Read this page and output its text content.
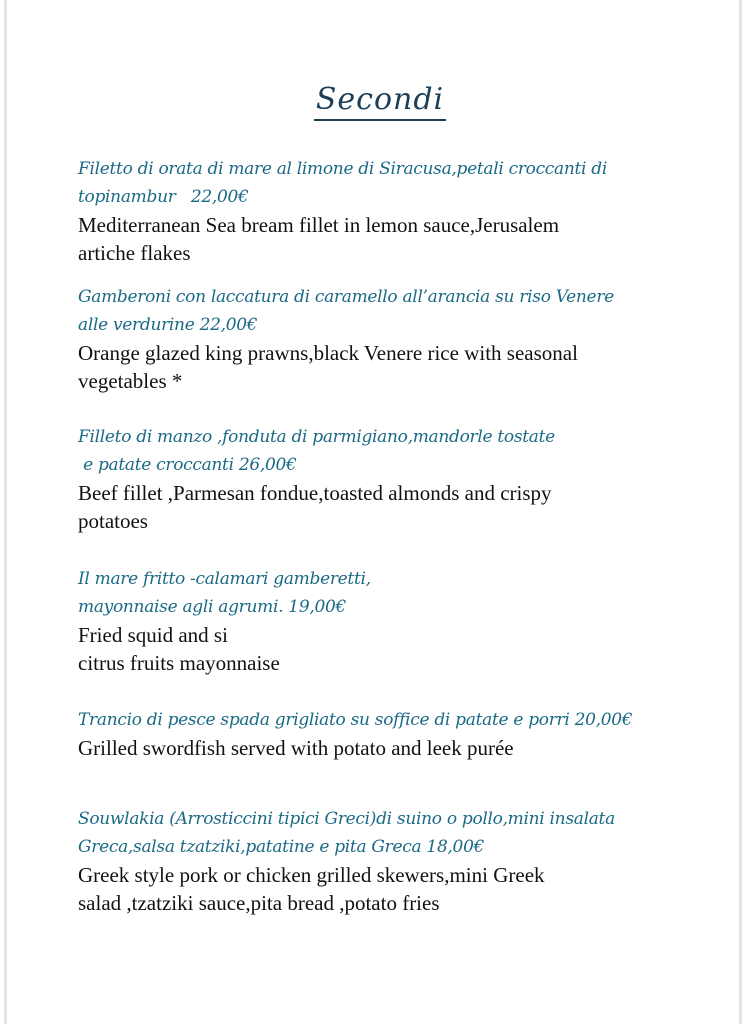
Secondi
Filetto di orata di mare al limone di Siracusa,petali croccanti di
topinambur   22,00€
Mediterranean Sea bream fillet in lemon sauce,Jerusalem
artiche flakes
Gamberoni con laccatura di caramello all’arancia su riso Venere
alle verdurine 22,00€
Orange glazed king prawns,black Venere rice with seasonal
vegetables *
Filleto di manzo ,fonduta di parmigiano,mandorle tostate
e patate croccanti 26,00€
Beef fillet ,Parmesan fondue,toasted almonds and crispy
potatoes
Il mare fritto -calamari gamberetti,
mayonnaise agli agrumi. 19,00€
Fried squid and si
citrus fruits mayonnaise
Trancio di pesce spada grigliato su soffice di patate e porri 20,00€
Grilled swordfish served with potato and leek purée
Souwlakia (Arrosticcini tipici Greci)di suino o pollo,mini insalata
Greca,salsa tzatziki,patatine e pita Greca 18,00€
Greek style pork or chicken grilled skewers,mini Greek
salad ,tzatziki sauce,pita bread ,potato fries
